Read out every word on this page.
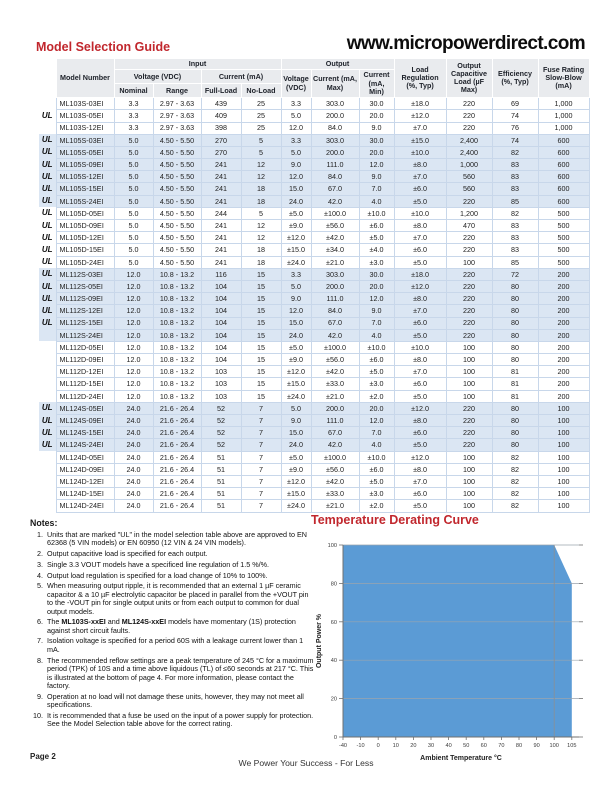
Model Selection Guide	www.micropowerdirect.com
	Model Number	Input				Output			Load Regulation (%, Typ)	Output Capacitive Load (µF Max)	Efficiency (%, Typ)	Fuse Rating Slow-Blow (mA)
		Voltage (VDC)		Current (mA)		Voltage (VDC)	Current (mA, Max)	Current (mA, Min)				
		Nominal	Range	Full-Load	No-Load							
	ML103S-03EI	3.3	2.97 - 3.63	439	25	3.3	303.0	30.0	±18.0	220	69	1,000
UL	ML103S-05EI	3.3	2.97 - 3.63	409	25	5.0	200.0	20.0	±12.0	220	74	1,000
	ML103S-12EI	3.3	2.97 - 3.63	398	25	12.0	84.0	9.0	±7.0	220	76	1,000
UL	ML105S-03EI	5.0	4.50 - 5.50	270	5	3.3	303.0	30.0	±15.0	2,400	74	600
UL	ML105S-05EI	5.0	4.50 - 5.50	270	5	5.0	200.0	20.0	±10.0	2,400	82	600
UL	ML105S-09EI	5.0	4.50 - 5.50	241	12	9.0	111.0	12.0	±8.0	1,000	83	600
UL	ML105S-12EI	5.0	4.50 - 5.50	241	12	12.0	84.0	9.0	±7.0	560	83	600
UL	ML105S-15EI	5.0	4.50 - 5.50	241	18	15.0	67.0	7.0	±6.0	560	83	600
UL	ML105S-24EI	5.0	4.50 - 5.50	241	18	24.0	42.0	4.0	±5.0	220	85	600
UL	ML105D-05EI	5.0	4.50 - 5.50	244	5	±5.0	±100.0	±10.0	±10.0	1,200	82	500
UL	ML105D-09EI	5.0	4.50 - 5.50	241	12	±9.0	±56.0	±6.0	±8.0	470	83	500
UL	ML105D-12EI	5.0	4.50 - 5.50	241	12	±12.0	±42.0	±5.0	±7.0	220	83	500
UL	ML105D-15EI	5.0	4.50 - 5.50	241	18	±15.0	±34.0	±4.0	±6.0	220	83	500
UL	ML105D-24EI	5.0	4.50 - 5.50	241	18	±24.0	±21.0	±3.0	±5.0	100	85	500
UL	ML112S-03EI	12.0	10.8 - 13.2	116	15	3.3	303.0	30.0	±18.0	220	72	200
UL	ML112S-05EI	12.0	10.8 - 13.2	104	15	5.0	200.0	20.0	±12.0	220	80	200
UL	ML112S-09EI	12.0	10.8 - 13.2	104	15	9.0	111.0	12.0	±8.0	220	80	200
UL	ML112S-12EI	12.0	10.8 - 13.2	104	15	12.0	84.0	9.0	±7.0	220	80	200
UL	ML112S-15EI	12.0	10.8 - 13.2	104	15	15.0	67.0	7.0	±6.0	220	80	200
	ML112S-24EI	12.0	10.8 - 13.2	104	15	24.0	42.0	4.0	±5.0	220	80	200
	ML112D-05EI	12.0	10.8 - 13.2	104	15	±5.0	±100.0	±10.0	±10.0	100	80	200
	ML112D-09EI	12.0	10.8 - 13.2	104	15	±9.0	±56.0	±6.0	±8.0	100	80	200
	ML112D-12EI	12.0	10.8 - 13.2	103	15	±12.0	±42.0	±5.0	±7.0	100	81	200
	ML112D-15EI	12.0	10.8 - 13.2	103	15	±15.0	±33.0	±3.0	±6.0	100	81	200
	ML112D-24EI	12.0	10.8 - 13.2	103	15	±24.0	±21.0	±2.0	±5.0	100	81	200
UL	ML124S-05EI	24.0	21.6 - 26.4	52	7	5.0	200.0	20.0	±12.0	220	80	100
UL	ML124S-09EI	24.0	21.6 - 26.4	52	7	9.0	111.0	12.0	±8.0	220	80	100
UL	ML124S-15EI	24.0	21.6 - 26.4	52	7	15.0	67.0	7.0	±6.0	220	80	100
UL	ML124S-24EI	24.0	21.6 - 26.4	52	7	24.0	42.0	4.0	±5.0	220	80	100
	ML124D-05EI	24.0	21.6 - 26.4	51	7	±5.0	±100.0	±10.0	±12.0	100	82	100
	ML124D-09EI	24.0	21.6 - 26.4	51	7	±9.0	±56.0	±6.0	±8.0	100	82	100
	ML124D-12EI	24.0	21.6 - 26.4	51	7	±12.0	±42.0	±5.0	±7.0	100	82	100
	ML124D-15EI	24.0	21.6 - 26.4	51	7	±15.0	±33.0	±3.0	±6.0	100	82	100
	ML124D-24EI	24.0	21.6 - 26.4	51	7	±24.0	±21.0	±2.0	±5.0	100	82	100
Notes:
1. Units that are marked "UL" in the model selection table above are approved to EN 62368 (5 VIN models) or EN 60950 (12 VIN & 24 VIN models).
2. Output capacitive load is specified for each output.
3. Single 3.3 VOUT models have a specificed line regulation of 1.5 %/%.
4. Output load regulation is specified for a load change of 10% to 100%.
5. When measuring output ripple, it is recommended that an external 1 µF ceramic capacitor & a 10 µF electrolytic capacitor be placed in parallel from the +VOUT pin to the -VOUT pin for single output units or from each output to common for dual output models.
6. The ML103S-xxEI and ML124S-xxEI models have momentary (1S) protection against short circuit faults.
7. Isolation voltage is specified for a period 60S with a leakage current lower than 1 mA.
8. The recommended reflow settings are a peak temperature of 245 °C for a maximum period (TPK) of 10S and a time above liquidous (TL) of ≤60 seconds at 217 °C. This is illustrated at the bottom of page 4. For more information, please contact the factory.
9. Operation at no load will not damage these units, however, they may not meet all specifications.
10. It is recommended that a fuse be used on the input of a power supply for protection. See the Model Selection table above for the correct rating.
Temperature Derating Curve
0
20
40
60
80
100
-40 -10 0 10 20 30 40 50 60 70 80 90 100 105
Ambient Temperature °C
Output Power %
Page 2
We Power Your Success - For Less
